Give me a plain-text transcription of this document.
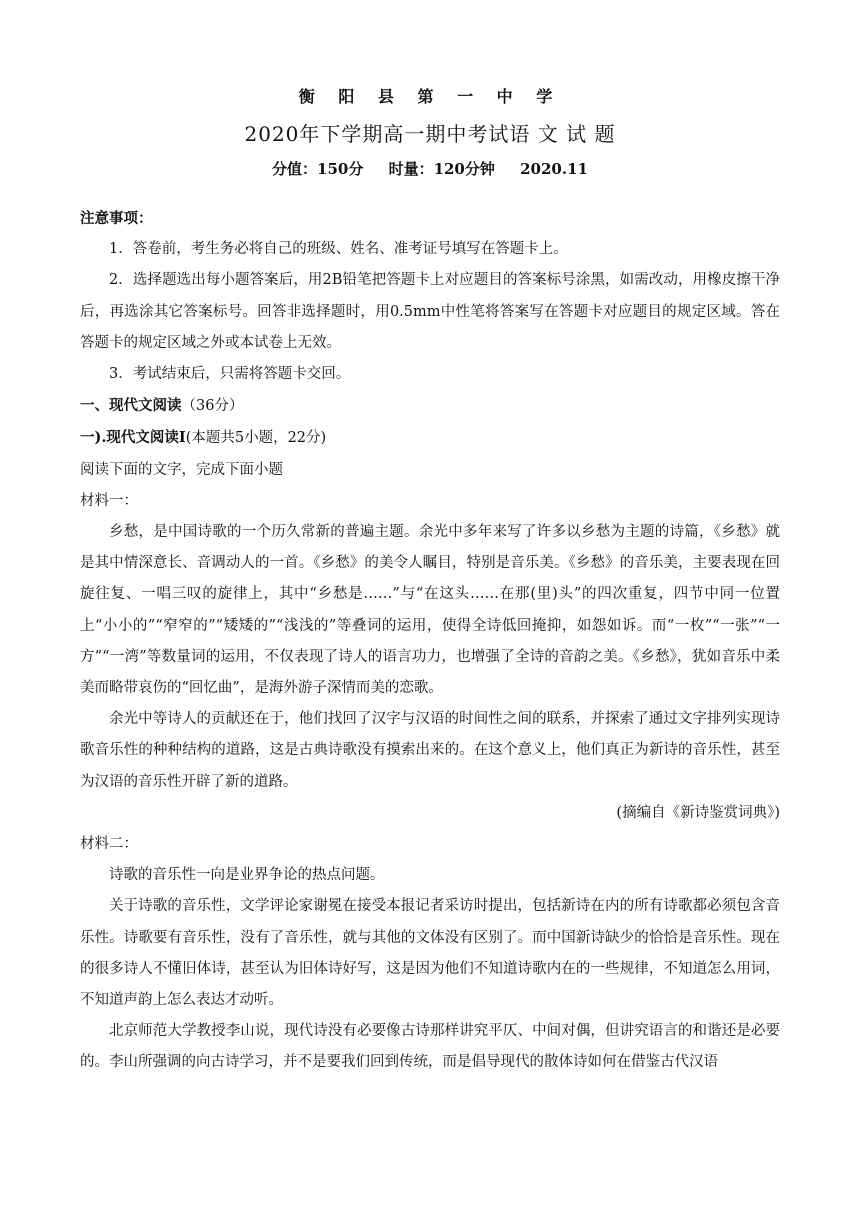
衡 阳 县 第 一 中 学
2020年下学期高一期中考试语 文 试 题
分值：150分 时量：120分钟 2020.11

注意事项：

1．答卷前，考生务必将自己的班级、姓名、准考证号填写在答题卡上。

2．选择题选出每小题答案后，用2B铅笔把答题卡上对应题目的答案标号涂黑，如需改动，用橡皮擦干净后，再选涂其它答案标号。回答非选择题时，用0.5mm中性笔将答案写在答题卡对应题目的规定区域。答在答题卡的规定区域之外或本试卷上无效。

3．考试结束后，只需将答题卡交回。

一、现代文阅读（36分）

一).现代文阅读Ⅰ(本题共5小题，22分)

阅读下面的文字，完成下面小题

材料一：

乡愁，是中国诗歌的一个历久常新的普遍主题。余光中多年来写了许多以乡愁为主题的诗篇，《乡愁》就是其中情深意长、音调动人的一首。《乡愁》的美令人瞩目，特别是音乐美。《乡愁》的音乐美，主要表现在回旋往复、一唱三叹的旋律上，其中“乡愁是……”与“在这头……在那(里)头”的四次重复，四节中同一位置上“小小的”“窄窄的”“矮矮的”“浅浅的”等叠词的运用，使得全诗低回掩抑，如怨如诉。而“一枚”“一张”“一方”“一湾”等数量词的运用，不仅表现了诗人的语言功力，也增强了全诗的音韵之美。《乡愁》，犹如音乐中柔美而略带哀伤的“回忆曲”，是海外游子深情而美的恋歌。

余光中等诗人的贡献还在于，他们找回了汉字与汉语的时间性之间的联系，并探索了通过文字排列实现诗歌音乐性的种种结构的道路，这是古典诗歌没有摸索出来的。在这个意义上，他们真正为新诗的音乐性，甚至为汉语的音乐性开辟了新的道路。

(摘编自《新诗鉴赏词典》)

材料二：

诗歌的音乐性一向是业界争论的热点问题。

关于诗歌的音乐性，文学评论家谢冕在接受本报记者采访时提出，包括新诗在内的所有诗歌都必须包含音乐性。诗歌要有音乐性，没有了音乐性，就与其他的文体没有区别了。而中国新诗缺少的恰恰是音乐性。现在的很多诗人不懂旧体诗，甚至认为旧体诗好写，这是因为他们不知道诗歌内在的一些规律，不知道怎么用词，不知道声韵上怎么表达才动听。

北京师范大学教授李山说，现代诗没有必要像古诗那样讲究平仄、中间对偶，但讲究语言的和谐还是必要的。李山所强调的向古诗学习，并不是要我们回到传统，而是倡导现代的散体诗如何在借鉴古代汉语
